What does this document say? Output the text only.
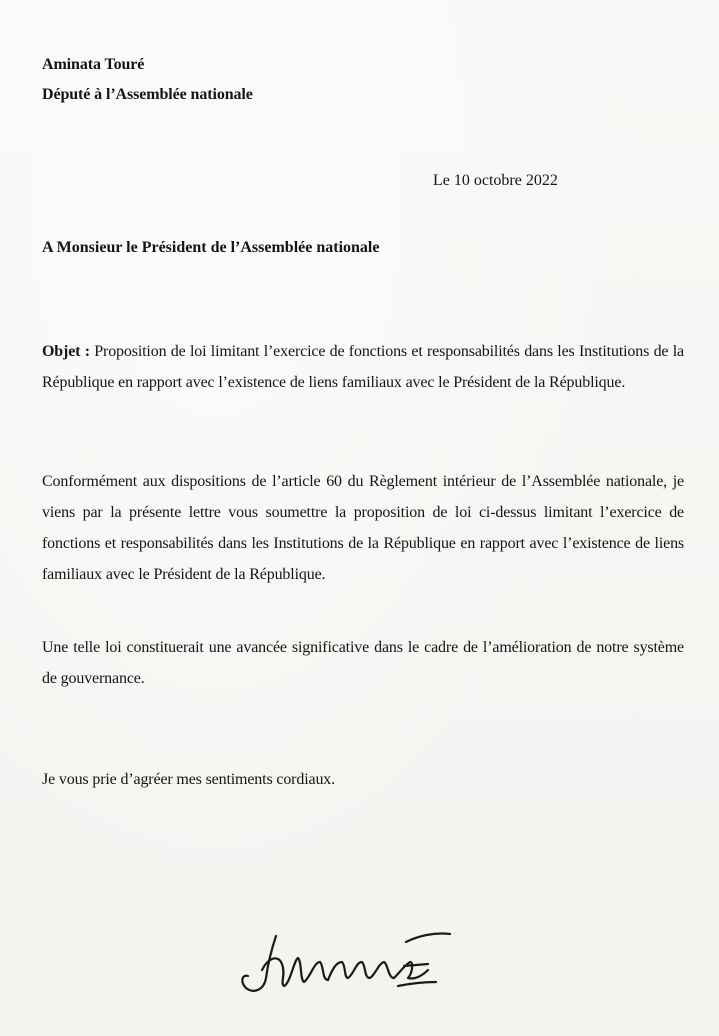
Aminata Touré
Député à l’Assemblée nationale
Le 10 octobre 2022
A Monsieur le Président de l’Assemblée nationale
Objet : Proposition de loi limitant l’exercice de fonctions et responsabilités dans les Institutions de la République en rapport avec l’existence de liens familiaux avec le Président de la République.
Conformément aux dispositions de l’article 60 du Règlement intérieur de l’Assemblée nationale, je viens par la présente lettre vous soumettre la proposition de loi ci-dessus limitant l’exercice de fonctions et responsabilités dans les Institutions de la République en rapport avec l’existence de liens familiaux avec le Président de la République.
Une telle loi constituerait une avancée significative dans le cadre de l’amélioration de notre système de gouvernance.
Je vous prie d’agréer mes sentiments cordiaux.
